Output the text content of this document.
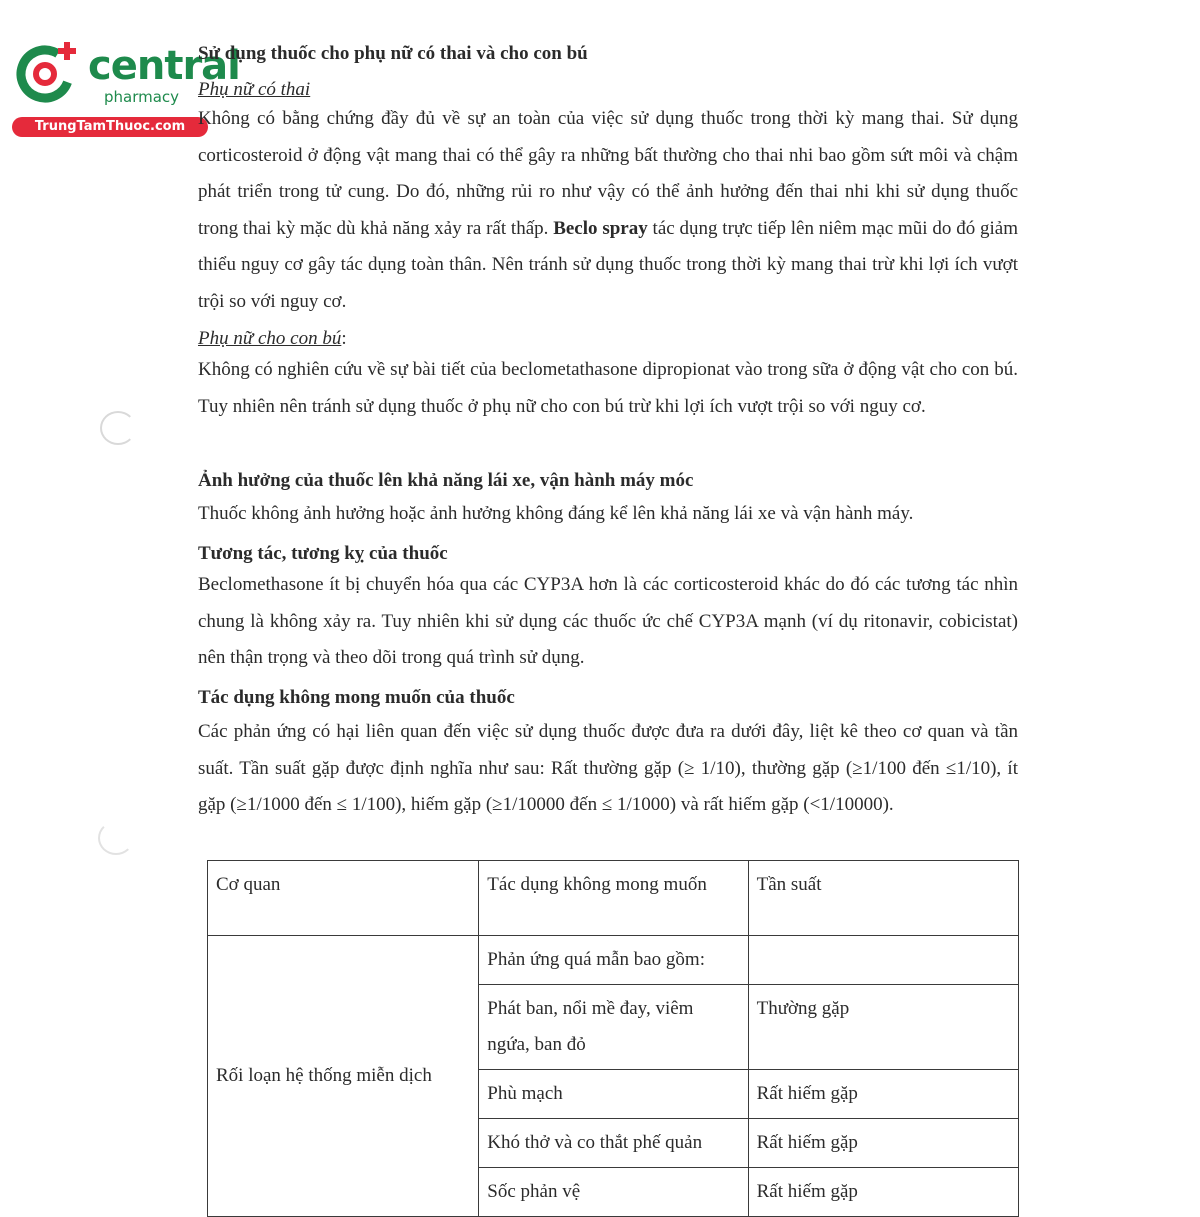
central
pharmacy
TrungTamThuoc.com
Sử dụng thuốc cho phụ nữ có thai và cho con bú
Phụ nữ có thai
Không có bằng chứng đầy đủ về sự an toàn của việc sử dụng thuốc trong thời kỳ mang thai. Sử dụng corticosteroid ở động vật mang thai có thể gây ra những bất thường cho thai nhi bao gồm sứt môi và chậm phát triển trong tử cung. Do đó, những rủi ro như vậy có thể ảnh hưởng đến thai nhi khi sử dụng thuốc trong thai kỳ mặc dù khả năng xảy ra rất thấp. Beclo spray tác dụng trực tiếp lên niêm mạc mũi do đó giảm thiểu nguy cơ gây tác dụng toàn thân. Nên tránh sử dụng thuốc trong thời kỳ mang thai trừ khi lợi ích vượt trội so với nguy cơ.
Phụ nữ cho con bú:
Không có nghiên cứu về sự bài tiết của beclometathasone dipropionat vào trong sữa ở động vật cho con bú. Tuy nhiên nên tránh sử dụng thuốc ở phụ nữ cho con bú trừ khi lợi ích vượt trội so với nguy cơ.
Ảnh hưởng của thuốc lên khả năng lái xe, vận hành máy móc
Thuốc không ảnh hưởng hoặc ảnh hưởng không đáng kể lên khả năng lái xe và vận hành máy.
Tương tác, tương kỵ của thuốc
Beclomethasone ít bị chuyển hóa qua các CYP3A hơn là các corticosteroid khác do đó các tương tác nhìn chung là không xảy ra. Tuy nhiên khi sử dụng các thuốc ức chế CYP3A mạnh (ví dụ ritonavir, cobicistat) nên thận trọng và theo dõi trong quá trình sử dụng.
Tác dụng không mong muốn của thuốc
Các phản ứng có hại liên quan đến việc sử dụng thuốc được đưa ra dưới đây, liệt kê theo cơ quan và tần suất. Tần suất gặp được định nghĩa như sau: Rất thường gặp (≥ 1/10), thường gặp (≥1/100 đến ≤1/10), ít gặp (≥1/1000 đến ≤ 1/100), hiếm gặp (≥1/10000 đến ≤ 1/1000) và rất hiếm gặp (<1/10000).
Cơ quan	Tác dụng không mong muốn	Tần suất
Rối loạn hệ thống miễn dịch	Phản ứng quá mẫn bao gồm:	
	Phát ban, nổi mề đay, viêm ngứa, ban đỏ	Thường gặp
	Phù mạch	Rất hiếm gặp
	Khó thở và co thắt phế quản	Rất hiếm gặp
	Sốc phản vệ	Rất hiếm gặp
